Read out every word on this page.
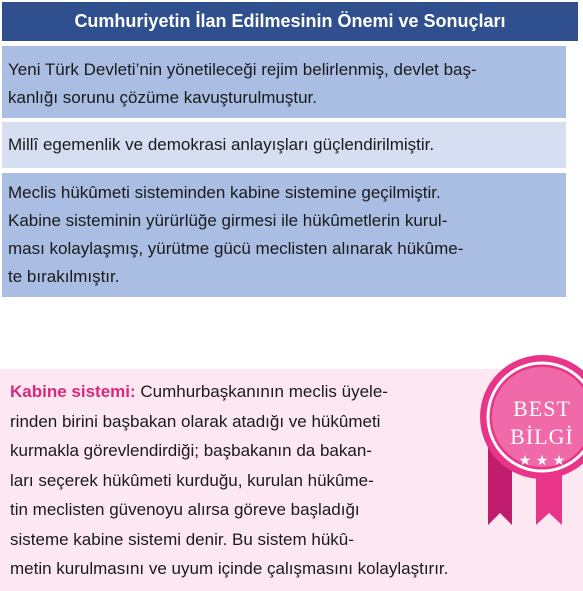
Cumhuriyetin İlan Edilmesinin Önemi ve Sonuçları
Yeni Türk Devleti’nin yönetileceği rejim belirlenmiş, devlet baş-
kanlığı sorunu çözüme kavuşturulmuştur.
Millî egemenlik ve demokrasi anlayışları güçlendirilmiştir.
Meclis hükûmeti sisteminden kabine sistemine geçilmiştir.
Kabine sisteminin yürürlüğe girmesi ile hükûmetlerin kurul-
ması kolaylaşmış, yürütme gücü meclisten alınarak hükûme-
te bırakılmıştır.
Kabine sistemi: Cumhurbaşkanının meclis üyele-
rinden birini başbakan olarak atadığı ve hükûmeti
kurmakla görevlendirdiği; başbakanın da bakan-
ları seçerek hükûmeti kurduğu, kurulan hükûme-
tin meclisten güvenoyu alırsa göreve başladığı
sisteme kabine sistemi denir. Bu sistem hükû-
metin kurulmasını ve uyum içinde çalışmasını kolaylaştırır.
BEST
BİLGİ
★ ★ ★
